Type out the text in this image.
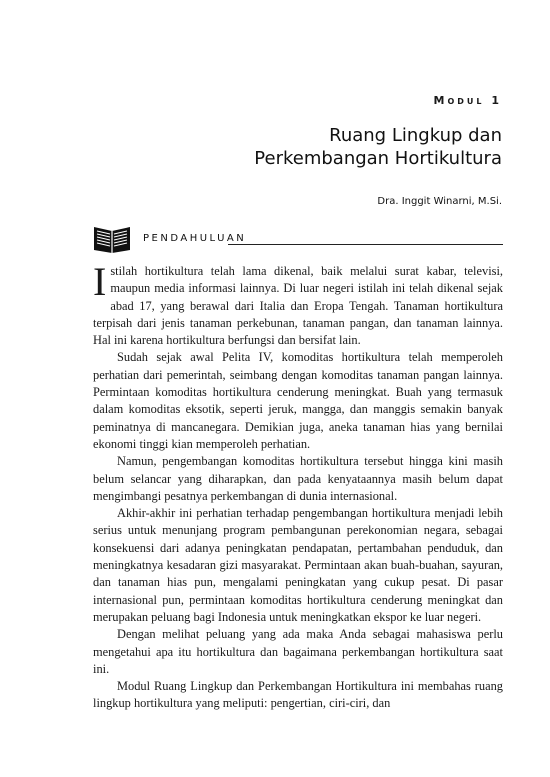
Modul 1
Ruang Lingkup dan
Perkembangan Hortikultura
Dra. Inggit Winarni, M.Si.
PENDAHULUAN

Istilah hortikultura telah lama dikenal, baik melalui surat kabar, televisi, maupun media informasi lainnya. Di luar negeri istilah ini telah dikenal sejak abad 17, yang berawal dari Italia dan Eropa Tengah. Tanaman hortikultura terpisah dari jenis tanaman perkebunan, tanaman pangan, dan tanaman lainnya. Hal ini karena hortikultura berfungsi dan bersifat lain.

Sudah sejak awal Pelita IV, komoditas hortikultura telah memperoleh perhatian dari pemerintah, seimbang dengan komoditas tanaman pangan lainnya. Permintaan komoditas hortikultura cenderung meningkat. Buah yang termasuk dalam komoditas eksotik, seperti jeruk, mangga, dan manggis semakin banyak peminatnya di mancanegara. Demikian juga, aneka tanaman hias yang bernilai ekonomi tinggi kian memperoleh perhatian.

Namun, pengembangan komoditas hortikultura tersebut hingga kini masih belum selancar yang diharapkan, dan pada kenyataannya masih belum dapat mengimbangi pesatnya perkembangan di dunia internasional.

Akhir-akhir ini perhatian terhadap pengembangan hortikultura menjadi lebih serius untuk menunjang program pembangunan perekonomian negara, sebagai konsekuensi dari adanya peningkatan pendapatan, pertambahan penduduk, dan meningkatnya kesadaran gizi masyarakat. Permintaan akan buah-buahan, sayuran, dan tanaman hias pun, mengalami peningkatan yang cukup pesat. Di pasar internasional pun, permintaan komoditas hortikultura cenderung meningkat dan merupakan peluang bagi Indonesia untuk meningkatkan ekspor ke luar negeri.

Dengan melihat peluang yang ada maka Anda sebagai mahasiswa perlu mengetahui apa itu hortikultura dan bagaimana perkembangan hortikultura saat ini.

Modul Ruang Lingkup dan Perkembangan Hortikultura ini membahas ruang lingkup hortikultura yang meliputi: pengertian, ciri-ciri, dan
